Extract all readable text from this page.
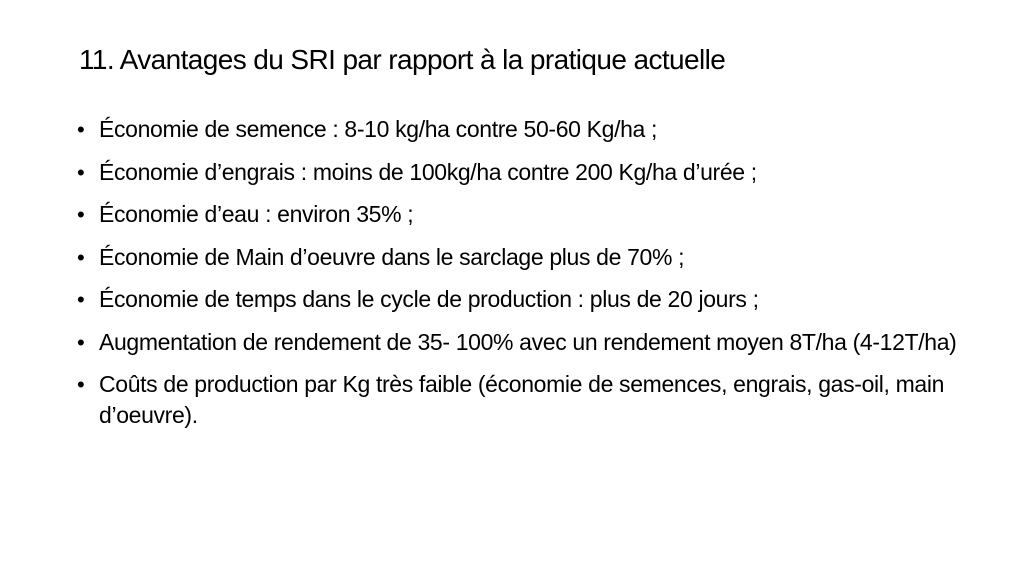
11. Avantages du SRI par rapport à la pratique actuelle
• Économie de semence : 8-10 kg/ha contre 50-60 Kg/ha ;
• Économie d’engrais : moins de 100kg/ha contre 200 Kg/ha d’urée ;
• Économie d’eau : environ 35% ;
• Économie de Main d’oeuvre dans le sarclage plus de 70% ;
• Économie de temps dans le cycle de production : plus de 20 jours ;
• Augmentation de rendement de 35- 100% avec un rendement moyen 8T/ha (4-12T/ha)
• Coûts de production par Kg très faible (économie de semences, engrais, gas-oil, main d’oeuvre).
